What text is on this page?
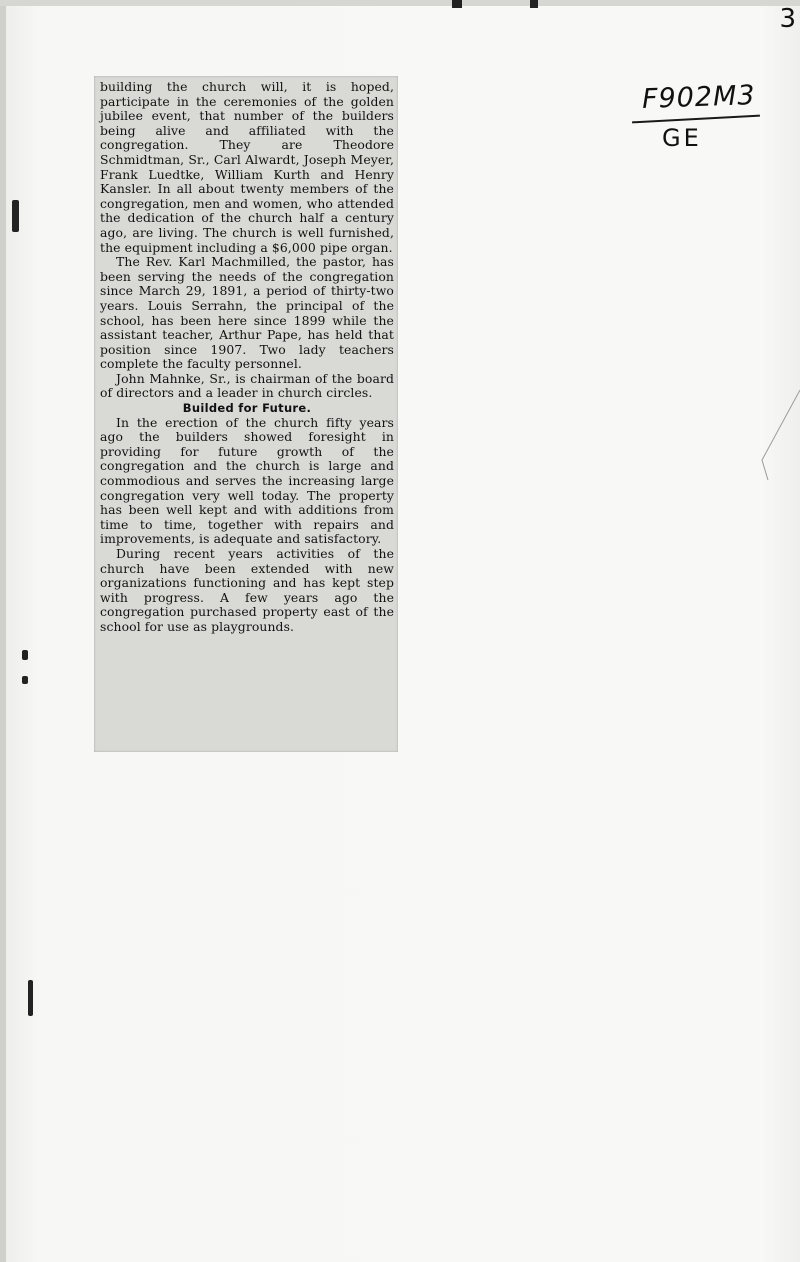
3
F902M3
GE

building the church will, it is hoped, participate in the ceremonies of the golden jubilee event, that number of the builders being alive and affiliated with the congregation. They are Theodore Schmidtman, Sr., Carl Alwardt, Joseph Meyer, Frank Luedtke, William Kurth and Henry Kansler. In all about twenty members of the congregation, men and women, who attended the dedication of the church half a century ago, are living. The church is well furnished, the equipment including a $6,000 pipe organ.

The Rev. Karl Machmilled, the pastor, has been serving the needs of the congregation since March 29, 1891, a period of thirty-two years. Louis Serrahn, the principal of the school, has been here since 1899 while the assistant teacher, Arthur Pape, has held that position since 1907. Two lady teachers complete the faculty personnel.

John Mahnke, Sr., is chairman of the board of directors and a leader in church circles.

Builded for Future.

In the erection of the church fifty years ago the builders showed foresight in providing for future growth of the congregation and the church is large and commodious and serves the increasing large congregation very well today. The property has been well kept and with additions from time to time, together with repairs and improvements, is adequate and satisfactory.

During recent years activities of the church have been extended with new organizations functioning and has kept step with progress. A few years ago the congregation purchased property east of the school for use as playgrounds.
